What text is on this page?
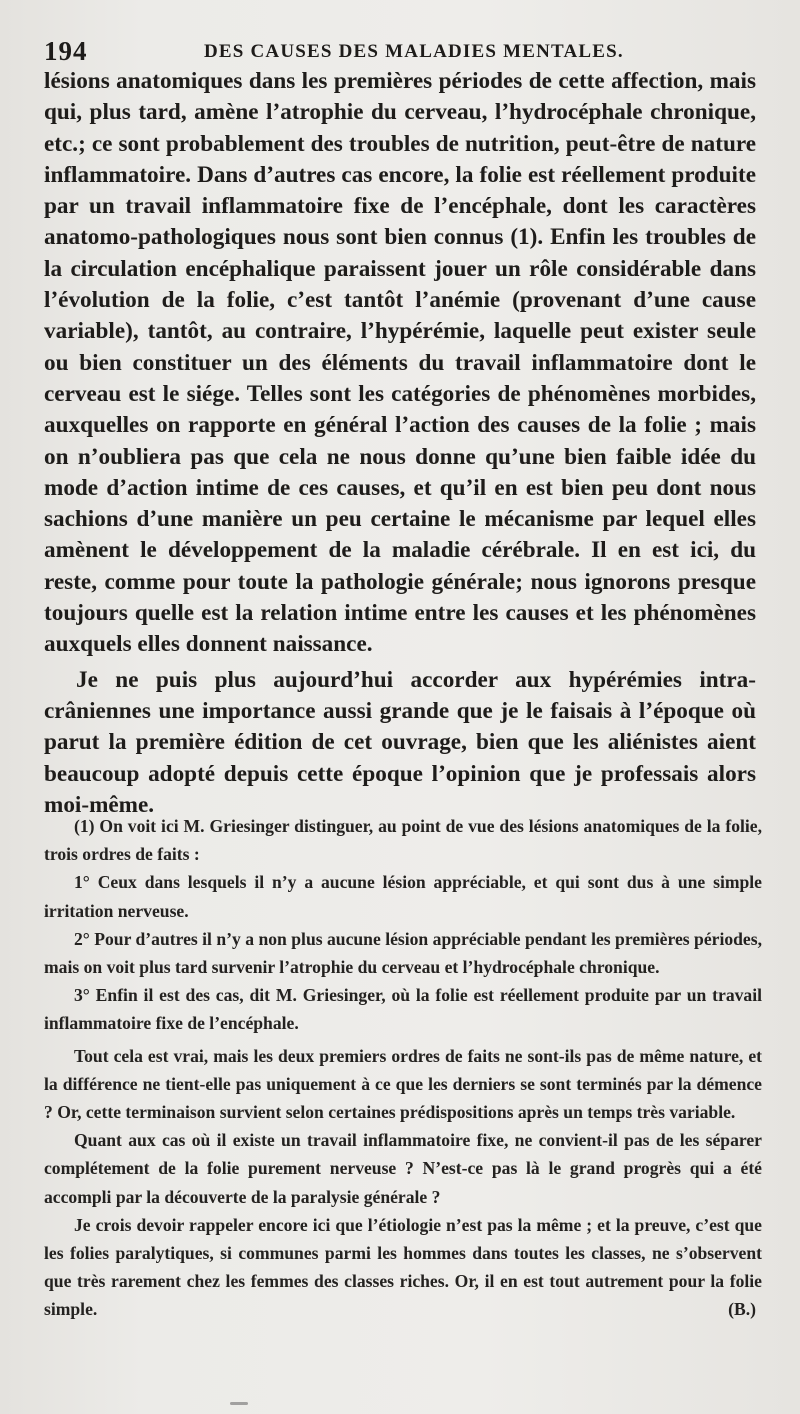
194	DES CAUSES DES MALADIES MENTALES.

lésions anatomiques dans les premières périodes de cette affection, mais qui, plus tard, amène l’atrophie du cerveau, l’hydrocéphale chronique, etc.; ce sont probablement des troubles de nutrition, peut-être de nature inflammatoire. Dans d’autres cas encore, la folie est réellement produite par un travail inflammatoire fixe de l’encéphale, dont les caractères anatomo-pathologiques nous sont bien connus (1). Enfin les troubles de la circulation encéphalique paraissent jouer un rôle considérable dans l’évolution de la folie, c’est tantôt l’anémie (provenant d’une cause variable), tantôt, au contraire, l’hypérémie, laquelle peut exister seule ou bien constituer un des éléments du travail inflammatoire dont le cerveau est le siége. Telles sont les catégories de phénomènes morbides, auxquelles on rapporte en général l’action des causes de la folie ; mais on n’oubliera pas que cela ne nous donne qu’une bien faible idée du mode d’action intime de ces causes, et qu’il en est bien peu dont nous sachions d’une manière un peu certaine le mécanisme par lequel elles amènent le développement de la maladie cérébrale. Il en est ici, du reste, comme pour toute la pathologie générale; nous ignorons presque toujours quelle est la relation intime entre les causes et les phénomènes auxquels elles donnent naissance.

Je ne puis plus aujourd’hui accorder aux hypérémies intra-crâniennes une importance aussi grande que je le faisais à l’époque où parut la première édition de cet ouvrage, bien que les aliénistes aient beaucoup adopté depuis cette époque l’opinion que je professais alors moi-même.

(1) On voit ici M. Griesinger distinguer, au point de vue des lésions anatomiques de la folie, trois ordres de faits :

1° Ceux dans lesquels il n’y a aucune lésion appréciable, et qui sont dus à une simple irritation nerveuse.

2° Pour d’autres il n’y a non plus aucune lésion appréciable pendant les premières périodes, mais on voit plus tard survenir l’atrophie du cerveau et l’hydrocéphale chronique.

3° Enfin il est des cas, dit M. Griesinger, où la folie est réellement produite par un travail inflammatoire fixe de l’encéphale.

Tout cela est vrai, mais les deux premiers ordres de faits ne sont-ils pas de même nature, et la différence ne tient-elle pas uniquement à ce que les derniers se sont terminés par la démence ? Or, cette terminaison survient selon certaines prédispositions après un temps très variable.

Quant aux cas où il existe un travail inflammatoire fixe, ne convient-il pas de les séparer complétement de la folie purement nerveuse ? N’est-ce pas là le grand progrès qui a été accompli par la découverte de la paralysie générale ?

Je crois devoir rappeler encore ici que l’étiologie n’est pas la même ; et la preuve, c’est que les folies paralytiques, si communes parmi les hommes dans toutes les classes, ne s’observent que très rarement chez les femmes des classes riches. Or, il en est tout autrement pour la folie simple.	(B.)
